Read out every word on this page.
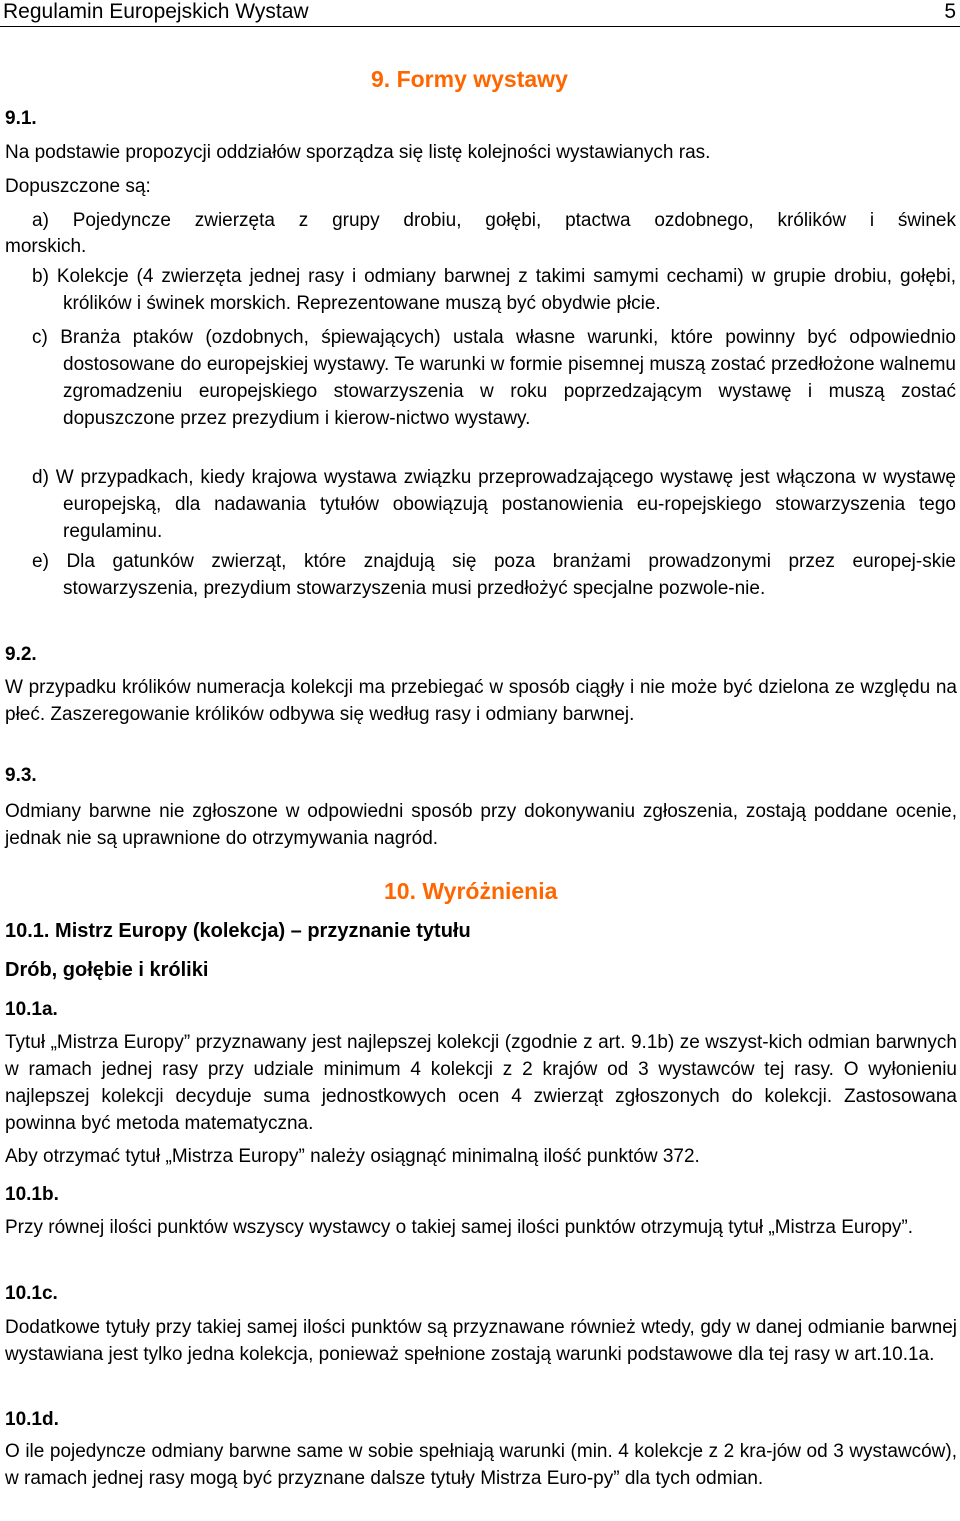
Regulamin Europejskich Wystaw	5
9. Formy wystawy
9.1.

Na podstawie propozycji oddziałów sporządza się listę kolejności wystawianych ras.

Dopuszczone są:

a) Pojedyncze zwierzęta z grupy drobiu, gołębi, ptactwa ozdobnego, królików i świnek

morskich.

b) Kolekcje (4 zwierzęta jednej rasy i odmiany barwnej z takimi samymi cechami) w grupie drobiu, gołębi, królików i świnek morskich. Reprezentowane muszą być obydwie płcie.

c) Branża ptaków (ozdobnych, śpiewających) ustala własne warunki, które powinny być odpowiednio dostosowane do europejskiej wystawy. Te warunki w formie pisemnej muszą zostać przedłożone walnemu zgromadzeniu europejskiego stowarzyszenia w roku poprzedzającym wystawę i muszą zostać dopuszczone przez prezydium i kierow-nictwo wystawy.

d) W przypadkach, kiedy krajowa wystawa związku przeprowadzającego wystawę jest włączona w wystawę europejską, dla nadawania tytułów obowiązują postanowienia eu-ropejskiego stowarzyszenia tego regulaminu.

e) Dla gatunków zwierząt, które znajdują się poza branżami prowadzonymi przez europej-skie stowarzyszenia, prezydium stowarzyszenia musi przedłożyć specjalne pozwole-nie.

9.2.

W przypadku królików numeracja kolekcji ma przebiegać w sposób ciągły i nie może być dzielona ze względu na płeć. Zaszeregowanie królików odbywa się według rasy i odmiany barwnej.

9.3.

Odmiany barwne nie zgłoszone w odpowiedni sposób przy dokonywaniu zgłoszenia, zostają poddane ocenie, jednak nie są uprawnione do otrzymywania nagród.

10. Wyróżnienia
10.1. Mistrz Europy (kolekcja) – przyznanie tytułu
Drób, gołębie i króliki
10.1a.

Tytuł „Mistrza Europy” przyznawany jest najlepszej kolekcji (zgodnie z art. 9.1b) ze wszyst-kich odmian barwnych w ramach jednej rasy przy udziale minimum 4 kolekcji z 2 krajów od 3 wystawców tej rasy. O wyłonieniu najlepszej kolekcji decyduje suma jednostkowych ocen 4 zwierząt zgłoszonych do kolekcji. Zastosowana powinna być metoda matematyczna.

Aby otrzymać tytuł „Mistrza Europy” należy osiągnąć minimalną ilość punktów 372.

10.1b.

Przy równej ilości punktów wszyscy wystawcy o takiej samej ilości punktów otrzymują tytuł „Mistrza Europy”.

10.1c.

Dodatkowe tytuły przy takiej samej ilości punktów są przyznawane również wtedy, gdy w danej odmianie barwnej wystawiana jest tylko jedna kolekcja, ponieważ spełnione zostają warunki podstawowe dla tej rasy w art.10.1a.

10.1d.

O ile pojedyncze odmiany barwne same w sobie spełniają warunki (min. 4 kolekcje z 2 kra-jów od 3 wystawców), w ramach jednej rasy mogą być przyznane dalsze tytuły Mistrza Euro-py” dla tych odmian.
